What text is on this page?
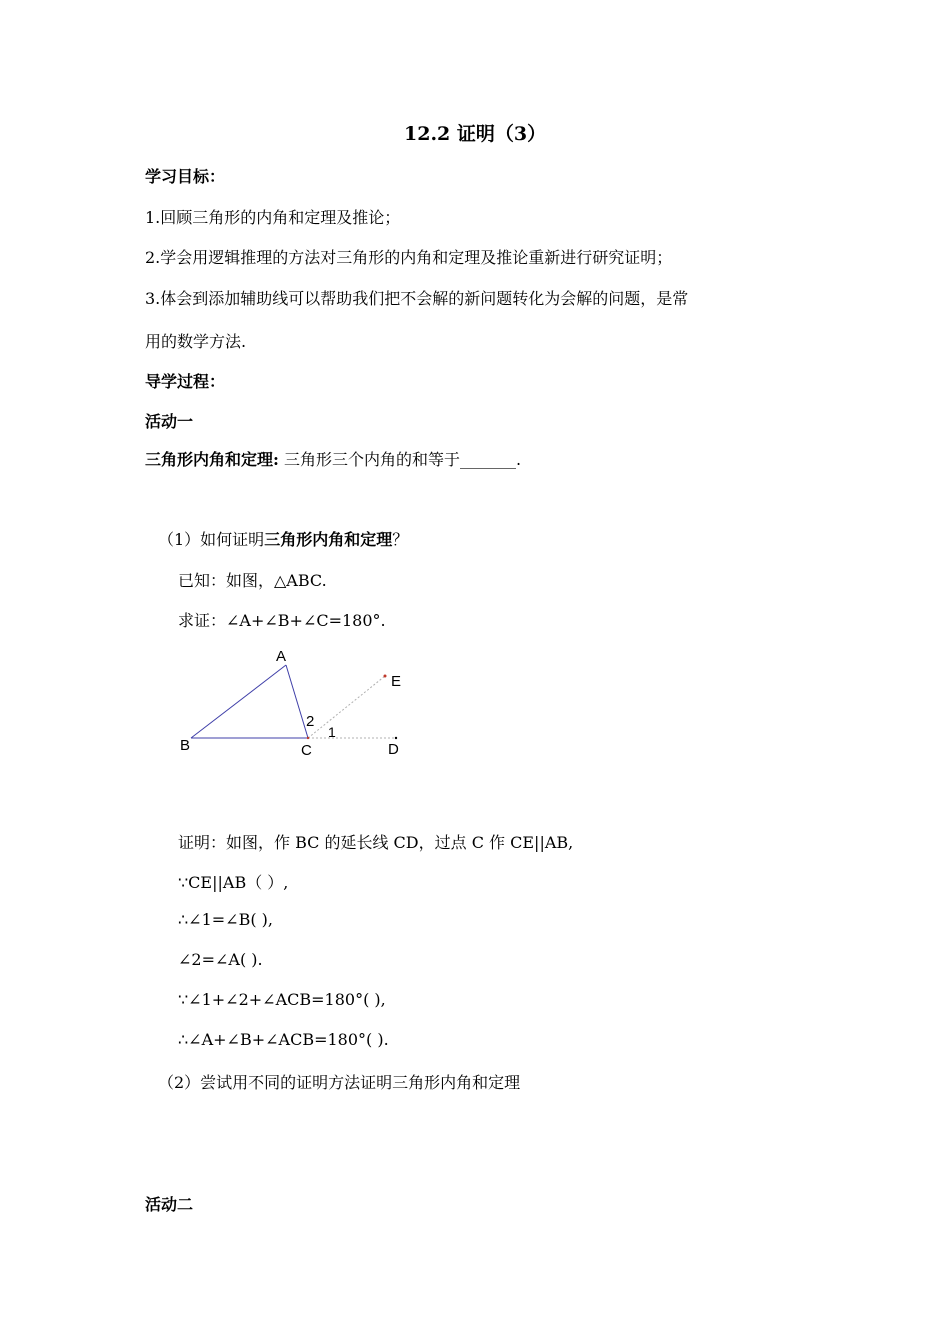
12.2 证明（3）
学习目标：
1.回顾三角形的内角和定理及推论；
2.学会用逻辑推理的方法对三角形的内角和定理及推论重新进行研究证明；
3.体会到添加辅助线可以帮助我们把不会解的新问题转化为会解的问题，是常
用的数学方法.
导学过程：
活动一
三角形内角和定理: 三角形三个内角的和等于_______.
（1）如何证明三角形内角和定理？
已知：如图，△ABC.
求证：∠A+∠B+∠C=180°.
A
B	C	D
E
1
2
证明：如图，作 BC 的延长线 CD，过点 C 作 CE||AB,
∵CE||AB（ ）,
∴∠1=∠B( ),
∠2=∠A( ).
∵∠1+∠2+∠ACB=180°( ),
∴∠A+∠B+∠ACB=180°( ).
（2）尝试用不同的证明方法证明三角形内角和定理
活动二
